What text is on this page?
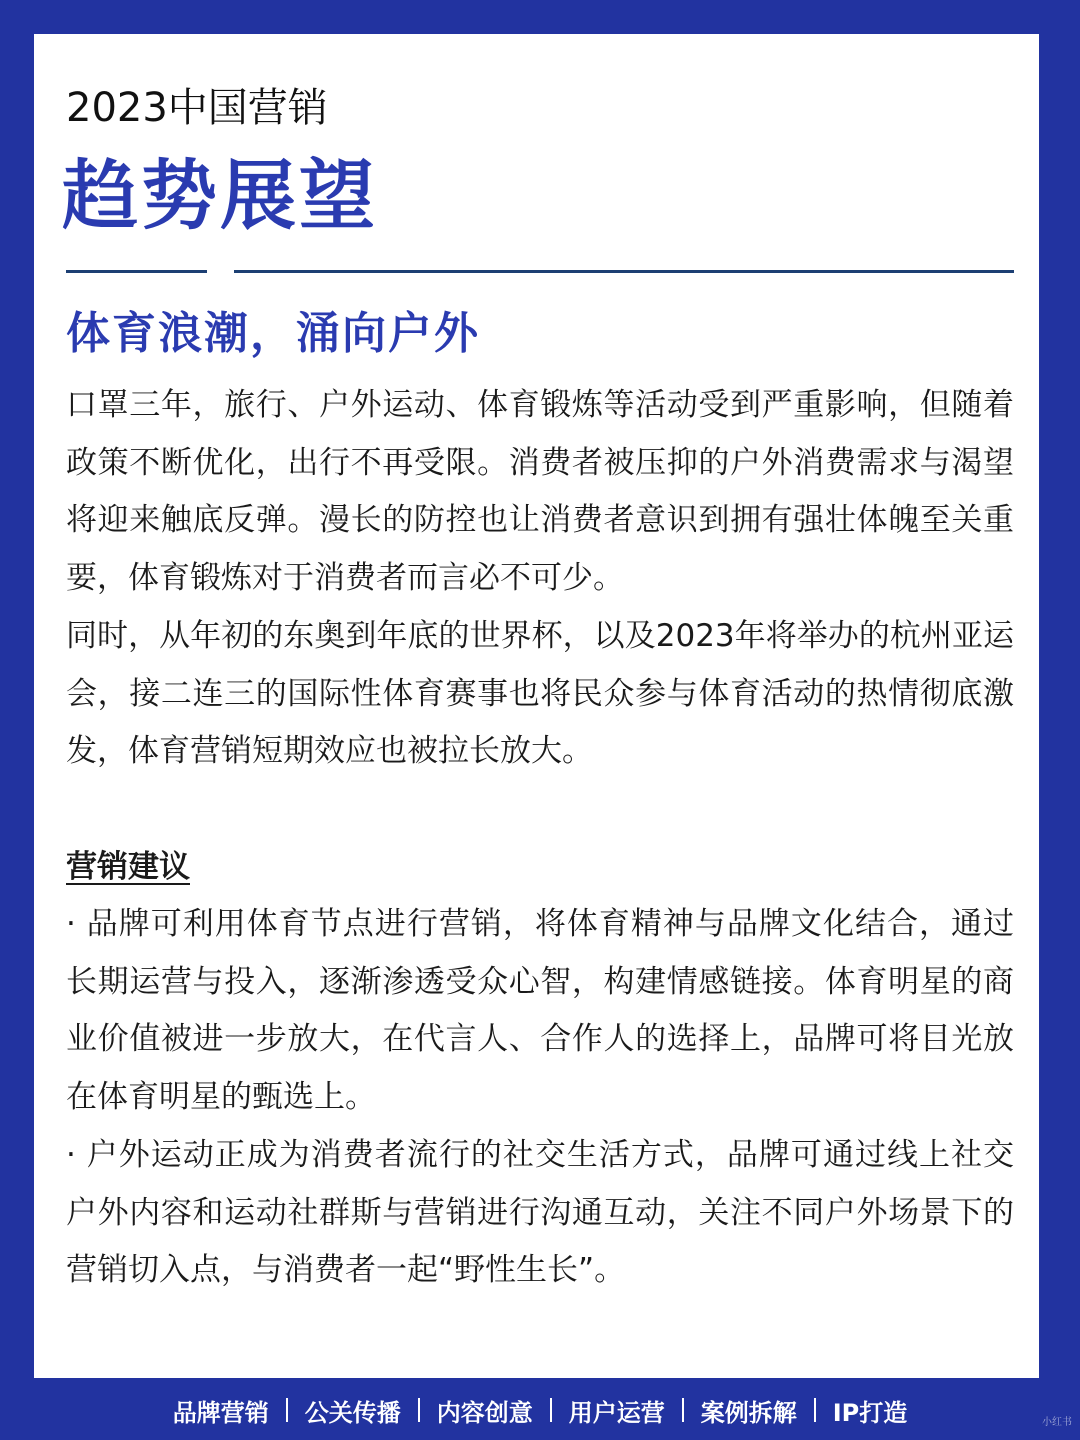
2023中国营销
趋势展望
体育浪潮，涌向户外

口罩三年，旅行、户外运动、体育锻炼等活动受到严重影响，但随着政策不断优化，出行不再受限。消费者被压抑的户外消费需求与渴望将迎来触底反弹。漫长的防控也让消费者意识到拥有强壮体魄至关重要，体育锻炼对于消费者而言必不可少。

同时，从年初的东奥到年底的世界杯，以及2023年将举办的杭州亚运会，接二连三的国际性体育赛事也将民众参与体育活动的热情彻底激发，体育营销短期效应也被拉长放大。

营销建议

· 品牌可利用体育节点进行营销，将体育精神与品牌文化结合，通过长期运营与投入，逐渐渗透受众心智，构建情感链接。体育明星的商业价值被进一步放大，在代言人、合作人的选择上，品牌可将目光放在体育明星的甄选上。

· 户外运动正成为消费者流行的社交生活方式，品牌可通过线上社交户外内容和运动社群斯与营销进行沟通互动，关注不同户外场景下的营销切入点，与消费者一起“野性生长”。

品牌营销 公关传播 内容创意 用户运营 案例拆解 IP打造	小红书
